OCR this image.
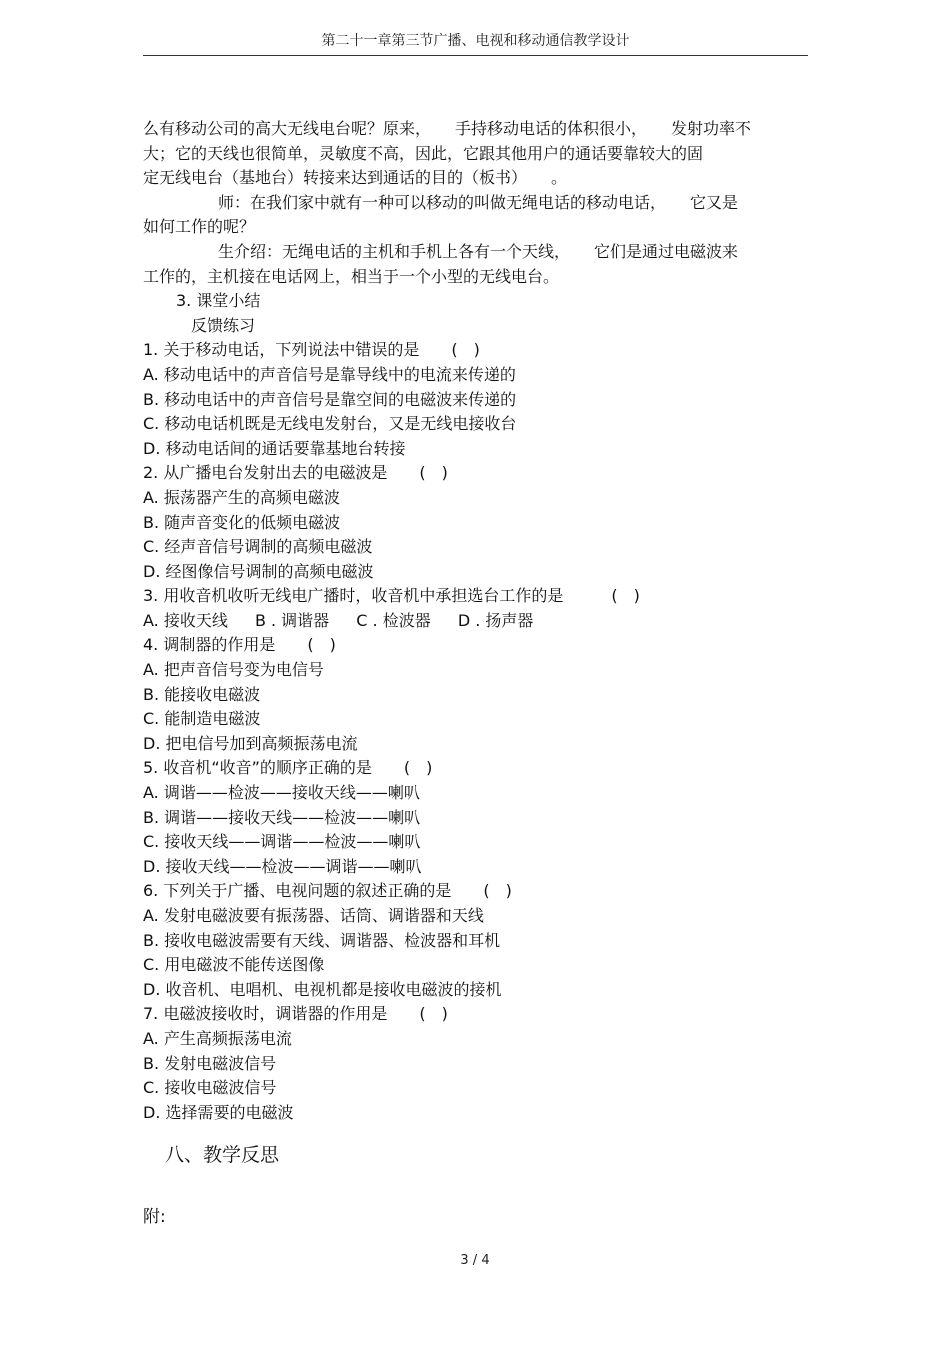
第二十一章第三节广播、电视和移动通信教学设计
么有移动公司的高大无线电台呢？原来，　　手持移动电话的体积很小，　　发射功率不
大；它的天线也很简单，灵敏度不高，因此，它跟其他用户的通话要靠较大的固
定无线电台（基地台）转接来达到通话的目的（板书）　　。
师：在我们家中就有一种可以移动的叫做无绳电话的移动电话，　　它又是
如何工作的呢？
生介绍：无绳电话的主机和手机上各有一个天线，　　它们是通过电磁波来
工作的，主机接在电话网上，相当于一个小型的无线电台。
3. 课堂小结
反馈练习
1. 关于移动电话，下列说法中错误的是　　(　)
A. 移动电话中的声音信号是靠导线中的电流来传递的
B. 移动电话中的声音信号是靠空间的电磁波来传递的
C. 移动电话机既是无线电发射台，又是无线电接收台
D. 移动电话间的通话要靠基地台转接
2. 从广播电台发射出去的电磁波是　　(　)
A. 振荡器产生的高频电磁波
B. 随声音变化的低频电磁波
C. 经声音信号调制的高频电磁波
D. 经图像信号调制的高频电磁波
3. 用收音机收听无线电广播时，收音机中承担选台工作的是　　　(　)
A. 接收天线 B . 调谐器 C . 检波器 D . 扬声器
4. 调制器的作用是　　(　)
A. 把声音信号变为电信号
B. 能接收电磁波
C. 能制造电磁波
D. 把电信号加到高频振荡电流
5. 收音机“收音”的顺序正确的是　　(　)
A. 调谐——检波——接收天线——喇叭
B. 调谐——接收天线——检波——喇叭
C. 接收天线——调谐——检波——喇叭
D. 接收天线——检波——调谐——喇叭
6. 下列关于广播、电视问题的叙述正确的是　　(　)
A. 发射电磁波要有振荡器、话筒、调谐器和天线
B. 接收电磁波需要有天线、调谐器、检波器和耳机
C. 用电磁波不能传送图像
D. 收音机、电唱机、电视机都是接收电磁波的接机
7. 电磁波接收时，调谐器的作用是　　(　)
A. 产生高频振荡电流
B. 发射电磁波信号
C. 接收电磁波信号
D. 选择需要的电磁波
八、教学反思
附:
3 / 4
